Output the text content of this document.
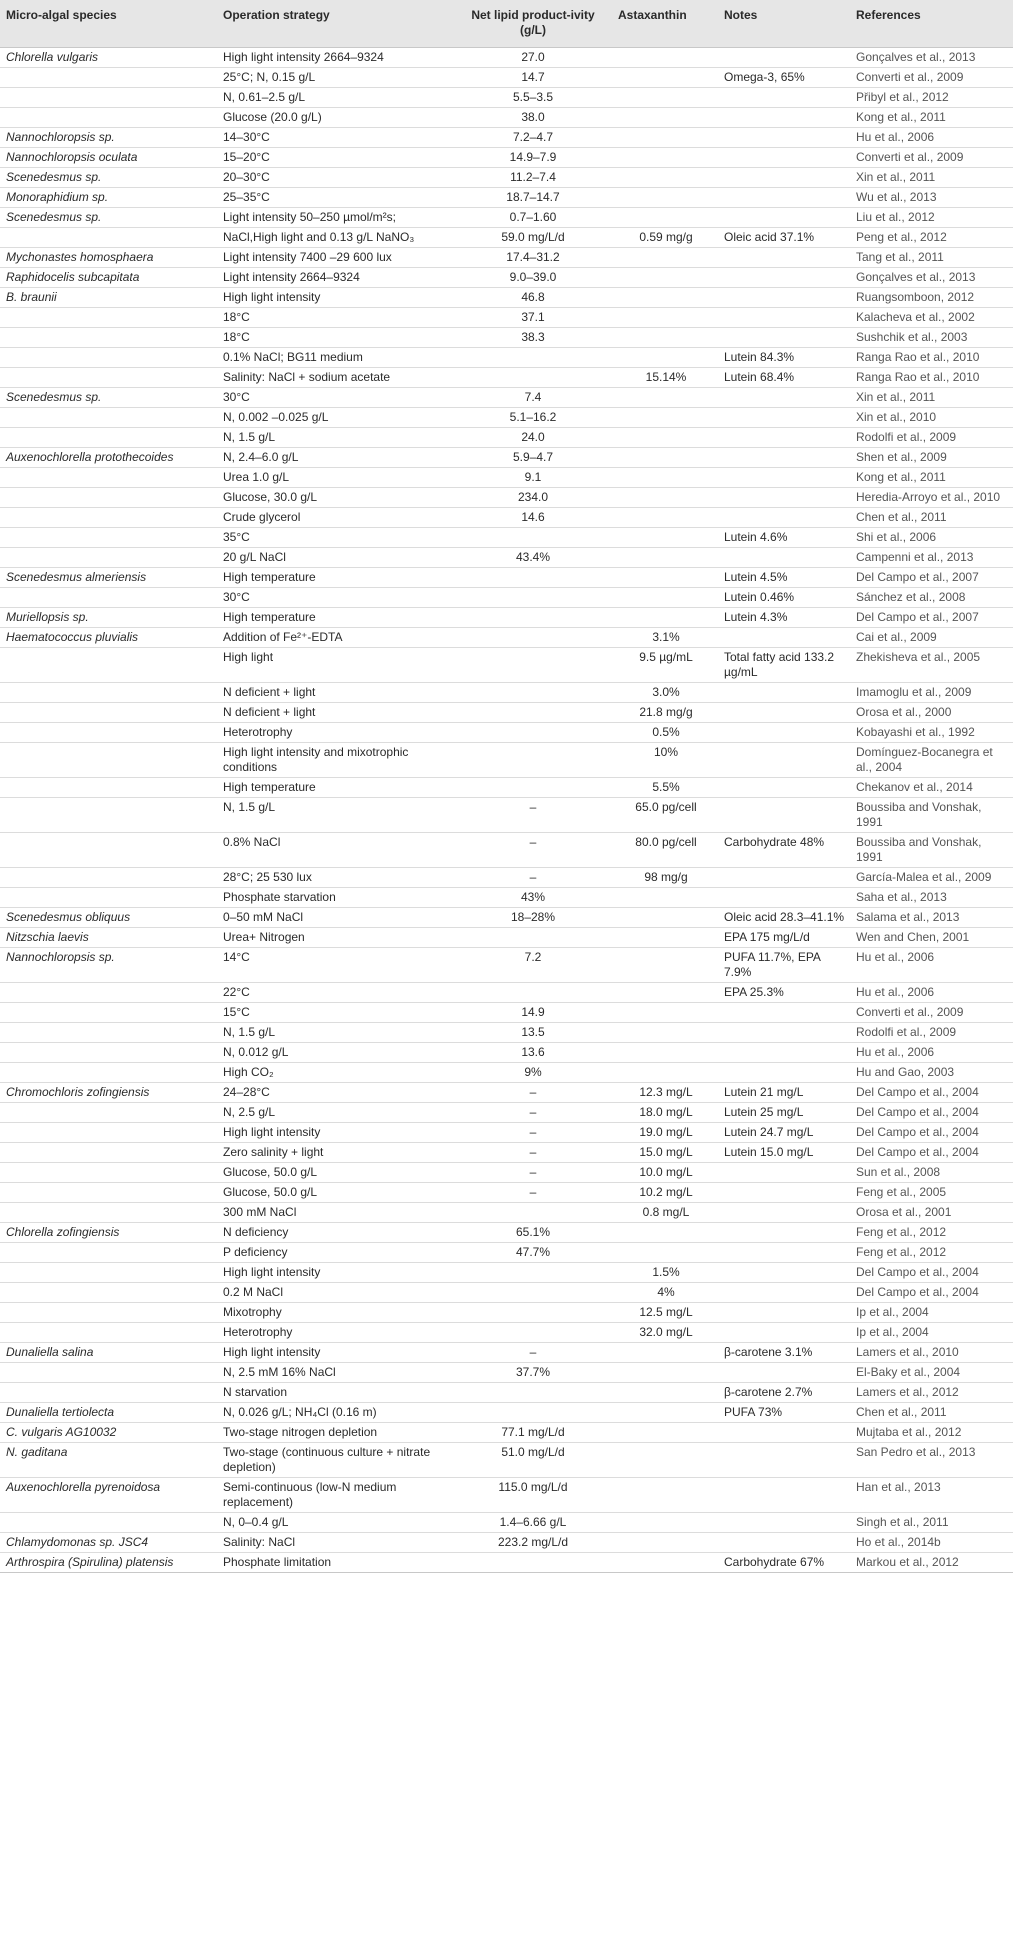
Micro-algal species	Operation strategy	Net lipid product-ivity (g/L)	Astaxanthin	Notes	References
Chlorella vulgaris	High light intensity 2664–9324	27.0			Gonçalves et al., 2013
	25°C; N, 0.15 g/L	14.7		Omega-3, 65%	Converti et al., 2009
	N, 0.61–2.5 g/L	5.5–3.5			Přibyl et al., 2012
	Glucose (20.0 g/L)	38.0			Kong et al., 2011
Nannochloropsis sp.	14–30°C	7.2–4.7			Hu et al., 2006
Nannochloropsis oculata	15–20°C	14.9–7.9			Converti et al., 2009
Scenedesmus sp.	20–30°C	11.2–7.4			Xin et al., 2011
Monoraphidium sp.	25–35°C	18.7–14.7			Wu et al., 2013
Scenedesmus sp.	Light intensity 50–250 µmol/m²s;	0.7–1.60			Liu et al., 2012
	NaCl,High light and 0.13 g/L NaNO₃	59.0 mg/L/d	0.59 mg/g	Oleic acid 37.1%	Peng et al., 2012
Mychonastes homosphaera	Light intensity 7400 –29 600 lux	17.4–31.2			Tang et al., 2011
Raphidocelis subcapitata	Light intensity 2664–9324	9.0–39.0			Gonçalves et al., 2013
B. braunii	High light intensity	46.8			Ruangsomboon, 2012
	18°C	37.1			Kalacheva et al., 2002
	18°C	38.3			Sushchik et al., 2003
	0.1% NaCl; BG11 medium			Lutein 84.3%	Ranga Rao et al., 2010
	Salinity: NaCl + sodium acetate		15.14%	Lutein 68.4%	Ranga Rao et al., 2010
Scenedesmus sp.	30°C	7.4			Xin et al., 2011
	N, 0.002 –0.025 g/L	5.1–16.2			Xin et al., 2010
	N, 1.5 g/L	24.0			Rodolfi et al., 2009
Auxenochlorella protothecoides	N, 2.4–6.0 g/L	5.9–4.7			Shen et al., 2009
	Urea 1.0 g/L	9.1			Kong et al., 2011
	Glucose, 30.0 g/L	234.0			Heredia-Arroyo et al., 2010
	Crude glycerol	14.6			Chen et al., 2011
	35°C			Lutein 4.6%	Shi et al., 2006
	20 g/L NaCl	43.4%			Campenni et al., 2013
Scenedesmus almeriensis	High temperature			Lutein 4.5%	Del Campo et al., 2007
	30°C			Lutein 0.46%	Sánchez et al., 2008
Muriellopsis sp.	High temperature			Lutein 4.3%	Del Campo et al., 2007
Haematococcus pluvialis	Addition of Fe²⁺-EDTA		3.1%		Cai et al., 2009
	High light		9.5 µg/mL	Total fatty acid 133.2 µg/mL	Zhekisheva et al., 2005
	N deficient + light		3.0%		Imamoglu et al., 2009
	N deficient + light		21.8 mg/g		Orosa et al., 2000
	Heterotrophy		0.5%		Kobayashi et al., 1992
	High light intensity and mixotrophic conditions		10%		Domínguez-Bocanegra et al., 2004
	High temperature		5.5%		Chekanov et al., 2014
	N, 1.5 g/L	–	65.0 pg/cell		Boussiba and Vonshak, 1991
	0.8% NaCl	–	80.0 pg/cell	Carbohydrate 48%	Boussiba and Vonshak, 1991
	28°C; 25 530 lux	–	98 mg/g		García-Malea et al., 2009
	Phosphate starvation	43%			Saha et al., 2013
Scenedesmus obliquus	0–50 mM NaCl	18–28%		Oleic acid 28.3–41.1%	Salama et al., 2013
Nitzschia laevis	Urea+ Nitrogen			EPA 175 mg/L/d	Wen and Chen, 2001
Nannochloropsis sp.	14°C	7.2		PUFA 11.7%, EPA 7.9%	Hu et al., 2006
	22°C			EPA 25.3%	Hu et al., 2006
	15°C	14.9			Converti et al., 2009
	N, 1.5 g/L	13.5			Rodolfi et al., 2009
	N, 0.012 g/L	13.6			Hu et al., 2006
	High CO₂	9%			Hu and Gao, 2003
Chromochloris zofingiensis	24–28°C	–	12.3 mg/L	Lutein 21 mg/L	Del Campo et al., 2004
	N, 2.5 g/L	–	18.0 mg/L	Lutein 25 mg/L	Del Campo et al., 2004
	High light intensity	–	19.0 mg/L	Lutein 24.7 mg/L	Del Campo et al., 2004
	Zero salinity + light	–	15.0 mg/L	Lutein 15.0 mg/L	Del Campo et al., 2004
	Glucose, 50.0 g/L	–	10.0 mg/L		Sun et al., 2008
	Glucose, 50.0 g/L	–	10.2 mg/L		Feng et al., 2005
	300 mM NaCl		0.8 mg/L		Orosa et al., 2001
Chlorella zofingiensis	N deficiency	65.1%			Feng et al., 2012
	P deficiency	47.7%			Feng et al., 2012
	High light intensity		1.5%		Del Campo et al., 2004
	0.2 M NaCl		4%		Del Campo et al., 2004
	Mixotrophy		12.5 mg/L		Ip et al., 2004
	Heterotrophy		32.0 mg/L		Ip et al., 2004
Dunaliella salina	High light intensity	–		β-carotene 3.1%	Lamers et al., 2010
	N, 2.5 mM 16% NaCl	37.7%			El-Baky et al., 2004
	N starvation			β-carotene 2.7%	Lamers et al., 2012
Dunaliella tertiolecta	N, 0.026 g/L; NH₄Cl (0.16 m)			PUFA 73%	Chen et al., 2011
C. vulgaris AG10032	Two-stage nitrogen depletion	77.1 mg/L/d			Mujtaba et al., 2012
N. gaditana	Two-stage (continuous culture + nitrate depletion)	51.0 mg/L/d			San Pedro et al., 2013
Auxenochlorella pyrenoidosa	Semi-continuous (low-N medium replacement)	115.0 mg/L/d			Han et al., 2013
	N, 0–0.4 g/L	1.4–6.66 g/L			Singh et al., 2011
Chlamydomonas sp. JSC4	Salinity: NaCl	223.2 mg/L/d			Ho et al., 2014b
Arthrospira (Spirulina) platensis	Phosphate limitation			Carbohydrate 67%	Markou et al., 2012
